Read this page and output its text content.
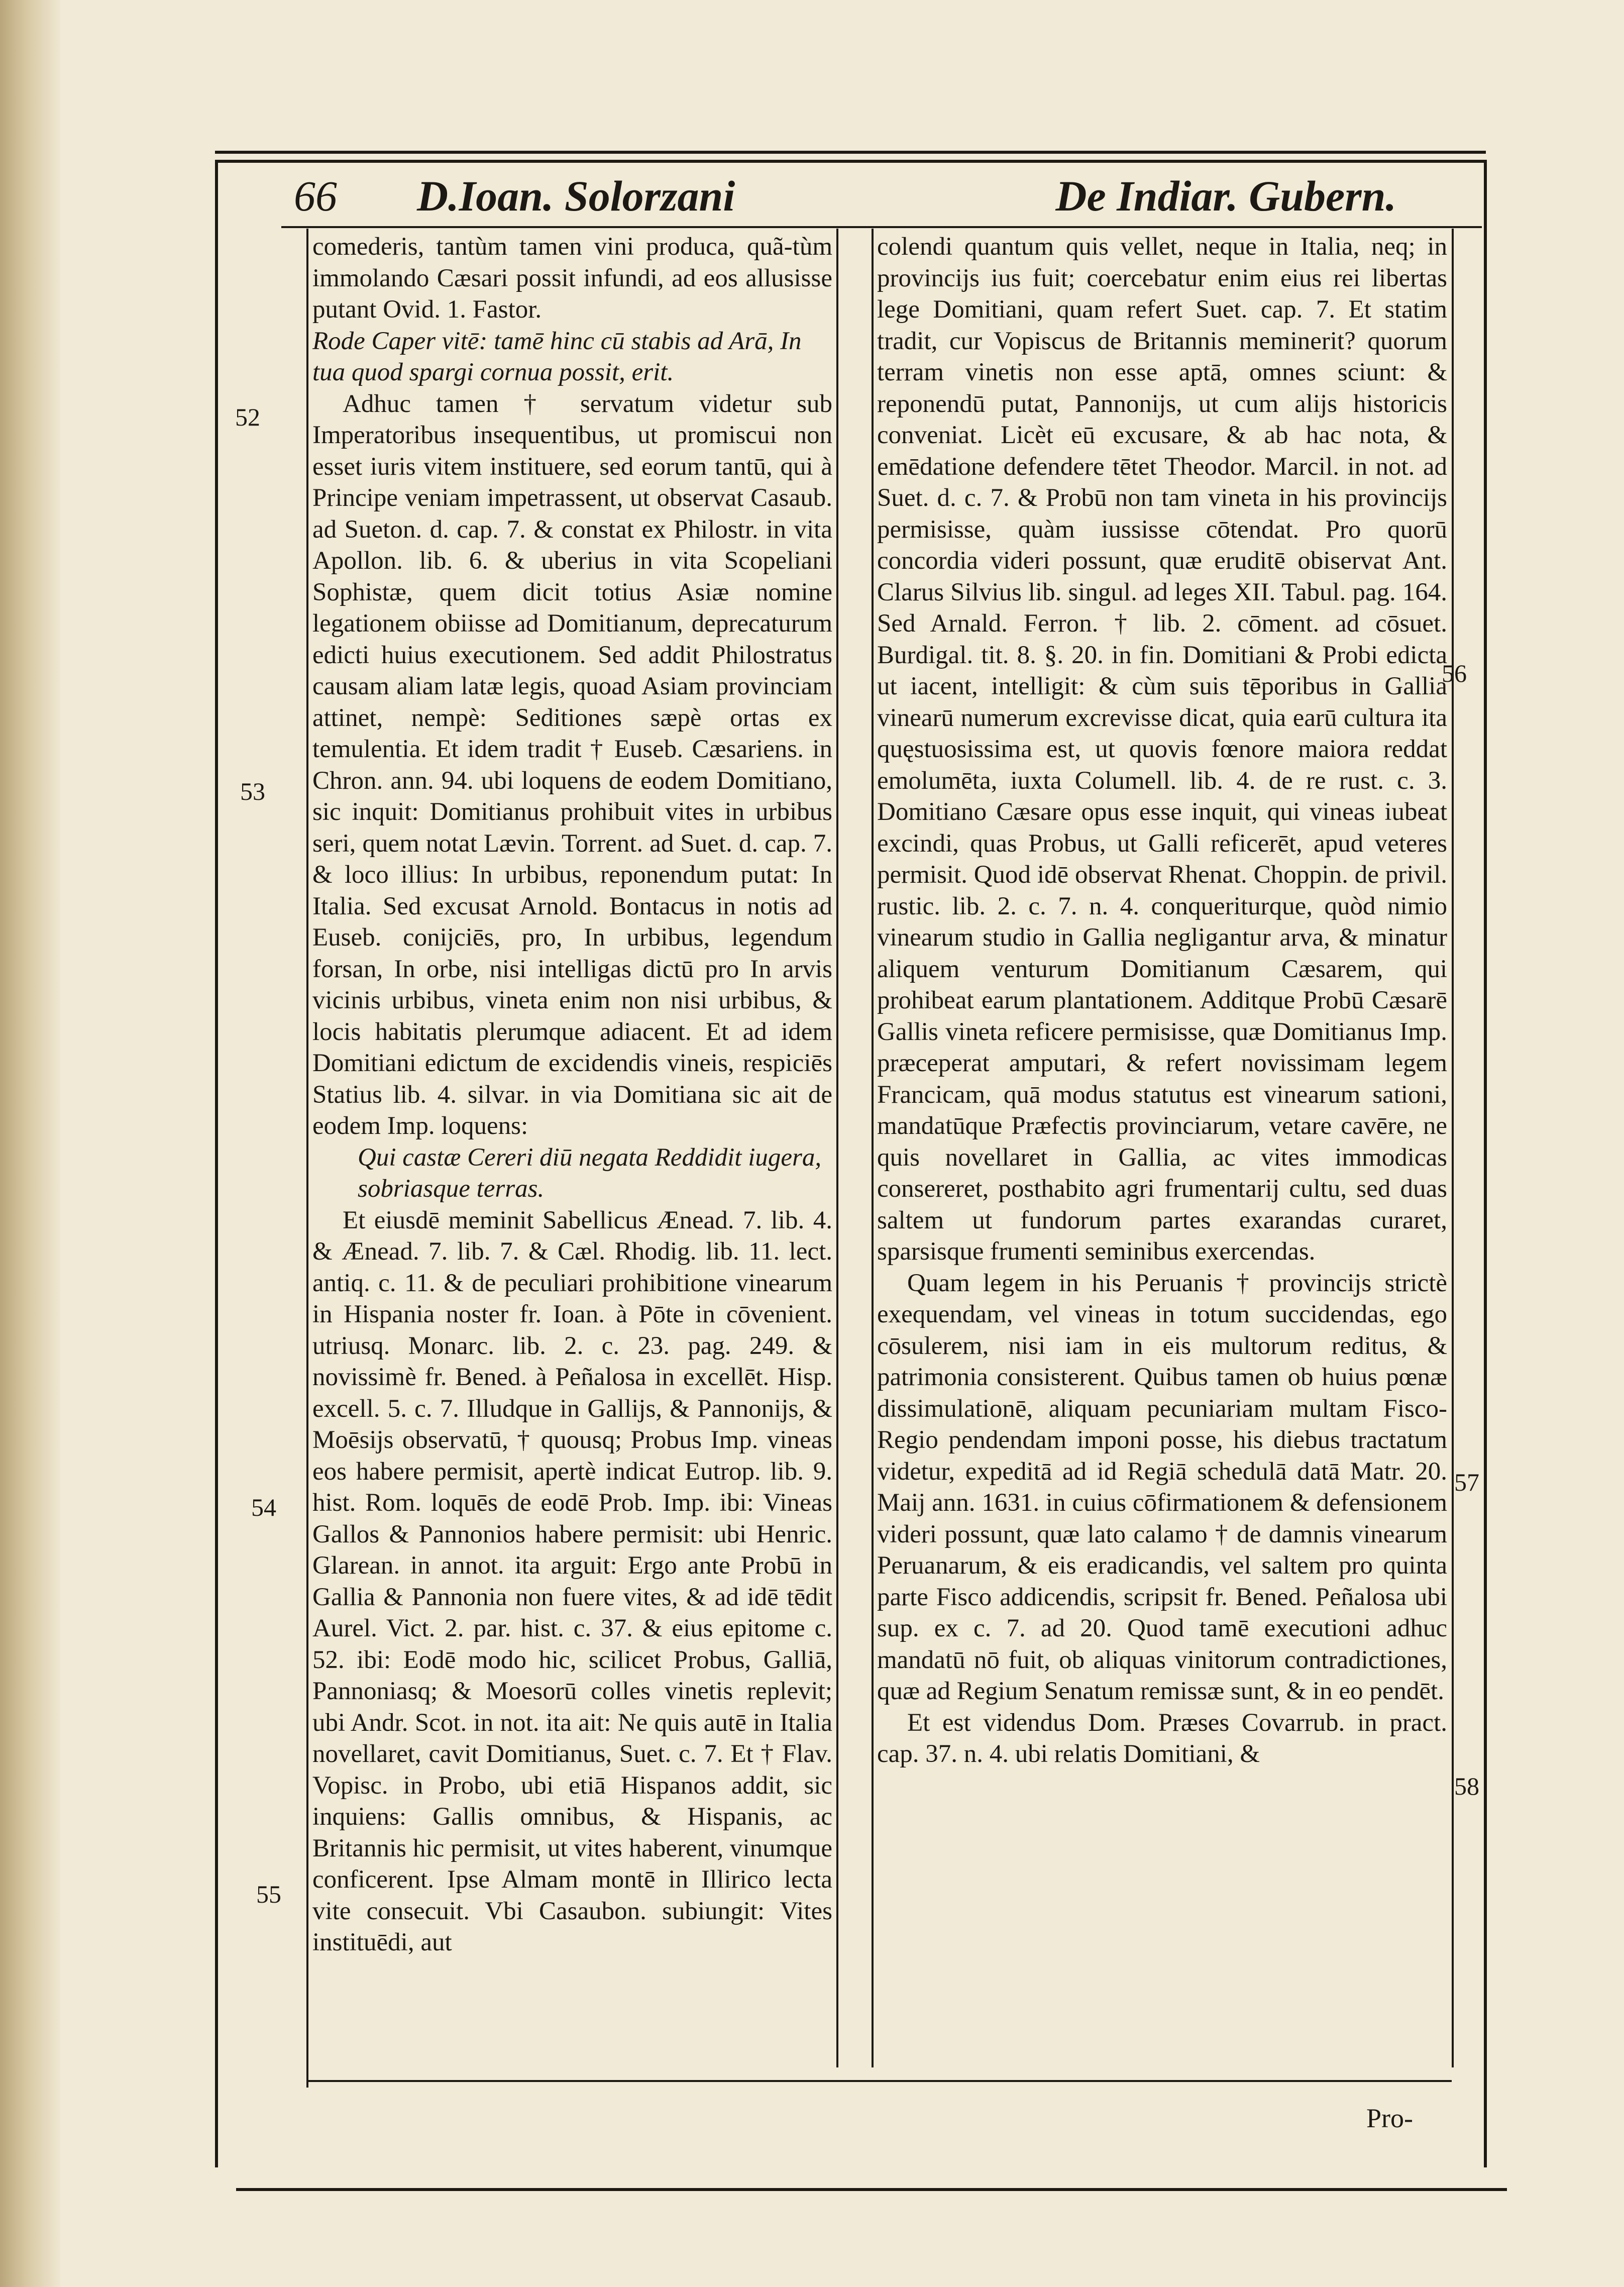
66 D.Ioan. Solorzani	De Indiar. Gubern.

comederis, tantùm tamen vini produca, quã-tùm immolando Cæsari possit infundi, ad eos allusisse putant Ovid. 1. Fastor.

Rode Caper vitē: tamē hinc cū stabis ad Arā, In tua quod spargi cornua possit, erit.

Adhuc tamen † servatum videtur sub Imperatoribus insequentibus, ut promiscui non esset iuris vitem instituere, sed eorum tantū, qui à Principe veniam impetrassent, ut observat Casaub. ad Sueton. d. cap. 7. & constat ex Philostr. in vita Apollon. lib. 6. & uberius in vita Scopeliani Sophistæ, quem dicit totius Asiæ nomine legationem obiisse ad Domitianum, deprecaturum edicti huius executionem. Sed addit Philostratus causam aliam latæ legis, quoad Asiam provinciam attinet, nempè: Seditiones sæpè ortas ex temulentia. Et idem tradit † Euseb. Cæsariens. in Chron. ann. 94. ubi loquens de eodem Domitiano, sic inquit: Domitianus prohibuit vites in urbibus seri, quem notat Lævin. Torrent. ad Suet. d. cap. 7. & loco illius: In urbibus, reponendum putat: In Italia. Sed excusat Arnold. Bontacus in notis ad Euseb. conijciēs, pro, In urbibus, legendum forsan, In orbe, nisi intelligas dictū pro In arvis vicinis urbibus, vineta enim non nisi urbibus, & locis habitatis plerumque adiacent. Et ad idem Domitiani edictum de excidendis vineis, respiciēs Statius lib. 4. silvar. in via Domitiana sic ait de eodem Imp. loquens:

Qui castæ Cereri diū negata Reddidit iugera, sobriasque terras.

Et eiusdē meminit Sabellicus Ænead. 7. lib. 4. & Ænead. 7. lib. 7. & Cæl. Rhodig. lib. 11. lect. antiq. c. 11. & de peculiari prohibitione vinearum in Hispania noster fr. Ioan. à Pōte in cōvenient. utriusq. Monarc. lib. 2. c. 23. pag. 249. & novissimè fr. Bened. à Peñalosa in excellēt. Hisp. excell. 5. c. 7. Illudque in Gallijs, & Pannonijs, & Moēsijs observatū, † quousq; Probus Imp. vineas eos habere permisit, apertè indicat Eutrop. lib. 9. hist. Rom. loquēs de eodē Prob. Imp. ibi: Vineas Gallos & Pannonios habere permisit: ubi Henric. Glarean. in annot. ita arguit: Ergo ante Probū in Gallia & Pannonia non fuere vites, & ad idē tēdit Aurel. Vict. 2. par. hist. c. 37. & eius epitome c. 52. ibi: Eodē modo hic, scilicet Probus, Galliā, Pannoniasq; & Moesorū colles vinetis replevit; ubi Andr. Scot. in not. ita ait: Ne quis autē in Italia novellaret, cavit Domitianus, Suet. c. 7. Et † Flav. Vopisc. in Probo, ubi etiā Hispanos addit, sic inquiens: Gallis omnibus, & Hispanis, ac Britannis hic permisit, ut vites haberent, vinumque conficerent. Ipse Almam montē in Illirico lecta vite consecuit. Vbi Casaubon. subiungit: Vites instituēdi, aut

colendi quantum quis vellet, neque in Italia, neq; in provincijs ius fuit; coercebatur enim eius rei libertas lege Domitiani, quam refert Suet. cap. 7. Et statim tradit, cur Vopiscus de Britannis meminerit? quorum terram vinetis non esse aptā, omnes sciunt: & reponendū putat, Pannonijs, ut cum alijs historicis conveniat. Licèt eū excusare, & ab hac nota, & emēdatione defendere tētet Theodor. Marcil. in not. ad Suet. d. c. 7. & Probū non tam vineta in his provincijs permisisse, quàm iussisse cōtendat. Pro quorū concordia videri possunt, quæ eruditē obiservat Ant. Clarus Silvius lib. singul. ad leges XII. Tabul. pag. 164. Sed Arnald. Ferron. † lib. 2. cōment. ad cōsuet. Burdigal. tit. 8. §. 20. in fin. Domitiani & Probi edicta ut iacent, intelligit: & cùm suis tēporibus in Gallia vinearū numerum excrevisse dicat, quia earū cultura ita quęstuosissima est, ut quovis fœnore maiora reddat emolumēta, iuxta Columell. lib. 4. de re rust. c. 3. Domitiano Cæsare opus esse inquit, qui vineas iubeat excindi, quas Probus, ut Galli reficerēt, apud veteres permisit. Quod idē observat Rhenat. Choppin. de privil. rustic. lib. 2. c. 7. n. 4. conqueriturque, quòd nimio vinearum studio in Gallia negligantur arva, & minatur aliquem venturum Domitianum Cæsarem, qui prohibeat earum plantationem. Additque Probū Cæsarē Gallis vineta reficere permisisse, quæ Domitianus Imp. præceperat amputari, & refert novissimam legem Francicam, quā modus statutus est vinearum sationi, mandatūque Præfectis provinciarum, vetare cavēre, ne quis novellaret in Gallia, ac vites immodicas consereret, posthabito agri frumentarij cultu, sed duas saltem ut fundorum partes exarandas curaret, sparsisque frumenti seminibus exercendas.

Quam legem in his Peruanis † provincijs strictè exequendam, vel vineas in totum succidendas, ego cōsulerem, nisi iam in eis multorum reditus, & patrimonia consisterent. Quibus tamen ob huius pœnæ dissimulationē, aliquam pecuniariam multam Fisco-Regio pendendam imponi posse, his diebus tractatum videtur, expeditā ad id Regiā schedulā datā Matr. 20. Maij ann. 1631. in cuius cōfirmationem & defensionem videri possunt, quæ lato calamo † de damnis vinearum Peruanarum, & eis eradicandis, vel saltem pro quinta parte Fisco addicendis, scripsit fr. Bened. Peñalosa ubi sup. ex c. 7. ad 20. Quod tamē executioni adhuc mandatū nō fuit, ob aliquas vinitorum contradictiones, quæ ad Regium Senatum remissæ sunt, & in eo pendēt.

Et est videndus Dom. Præses Covarrub. in pract. cap. 37. n. 4. ubi relatis Domitiani, &

52
53
54
55
56
57
58
Pro-
